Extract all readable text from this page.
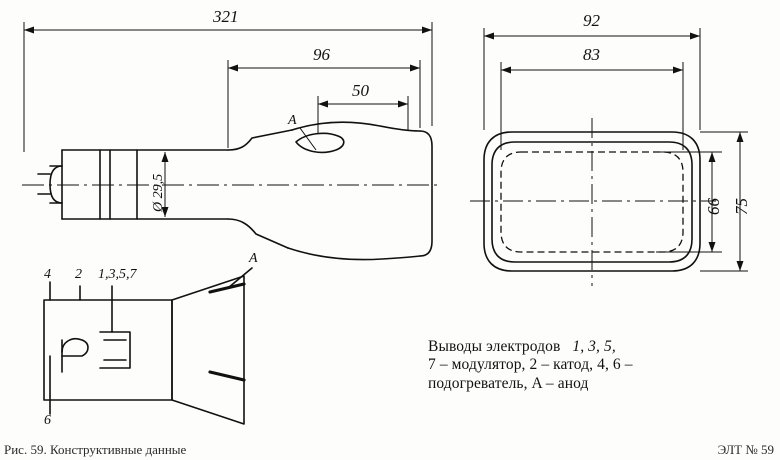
321
96
50
Ø 29,5
A
92
83
66 75
4 2 1,3,5,7
6
A
Выводы электродов 1, 3, 5,
7 – модулятор, 2 – катод, 4, 6 –
подогреватель, A – анод
Рис. 59. Конструктивные данные	ЭЛТ № 59
